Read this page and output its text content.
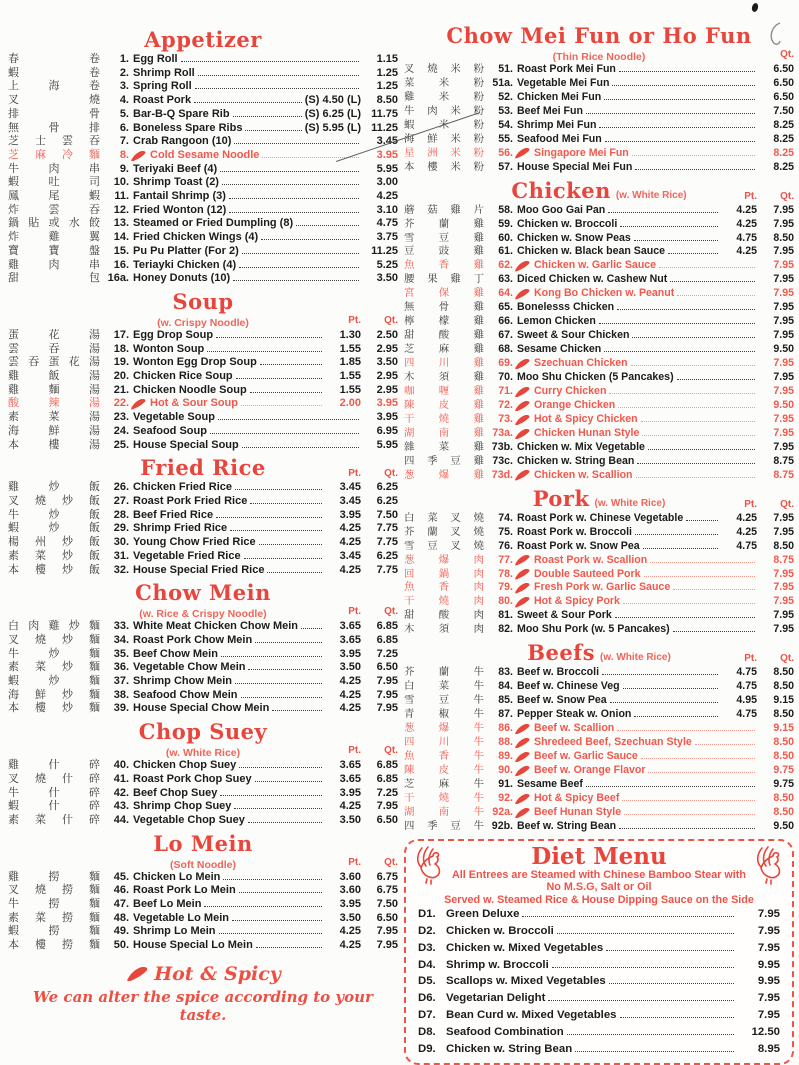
Appetizer
春	卷	1. Egg Roll	1.15
蝦	卷	2. Shrimp Roll	1.25
上	海	卷	3. Spring Roll	1.25
叉	燒	4. Roast Pork	(S) 4.50 (L)	8.50
排	骨	5. Bar-B-Q Spare Rib	(S) 6.25 (L) 11.75
無	骨	排	6. Boneless Spare Ribs	(S) 5.95 (L) 11.25
芝 士 雲 吞	7. Crab Rangoon (10)	3.45
芝 麻 冷 麵	8. Cold Sesame Noodle	3.95
牛	肉	串	9. Teriyaki Beef (4)	5.95
蝦	吐	司	10. Shrimp Toast (2)	3.00
鳳	尾	蝦	11. Fantail Shrimp (3)	4.25
炸	雲	吞	12. Fried Wonton (12)	3.10
鍋 貼 或 水 餃	13. Steamed or Fried Dumpling (8)	4.75
炸	雞	翼	14. Fried Chicken Wings (4)	3.75
寶	寶	盤	15. Pu Pu Platter (For 2)	11.25
雞	肉	串	16. Teriayki Chicken (4)	5.25
甜	包 16a. Honey Donuts (10)	3.50
Soup
(w. Crispy Noodle)	Pt.	Qt.
蛋	花	湯	17. Egg Drop Soup	1.30	2.50
雲	吞	湯	18. Wonton Soup	1.55	2.95
雲 吞 蛋 花 湯	19. Wonton Egg Drop Soup	1.85	3.50
雞	飯	湯	20. Chicken Rice Soup	1.55	2.95
雞	麵	湯	21. Chicken Noodle Soup	1.55	2.95
酸	辣	湯	22. Hot & Sour Soup	2.00	3.95
素	菜	湯	23. Vegetable Soup	3.95
海	鮮	湯	24. Seafood Soup	6.95
本	樓	湯	25. House Special Soup	5.95
Fried Rice	Pt.	Qt.
雞	炒	飯	26. Chicken Fried Rice	3.45	6.25
叉 燒 炒 飯	27. Roast Pork Fried Rice	3.45	6.25
牛	炒	飯	28. Beef Fried Rice	3.95	7.50
蝦	炒	飯	29. Shrimp Fried Rice	4.25	7.75
楊 州 炒 飯	30. Young Chow Fried Rice	4.25	7.75
素 菜 炒 飯	31. Vegetable Fried Rice	3.45	6.25
本 樓 炒 飯	32. House Special Fried Rice	4.25	7.75
Chow Mein
(w. Rice & Crispy Noodle)	Pt.	Qt.
白 肉 雞 炒 麵	33. White Meat Chicken Chow Mein	3.65	6.85
叉 燒 炒 麵	34. Roast Pork Chow Mein	3.65	6.85
牛	炒	麵	35. Beef Chow Mein	3.95	7.25
素 菜 炒 麵	36. Vegetable Chow Mein	3.50	6.50
蝦	炒	麵	37. Shrimp Chow Mein	4.25	7.95
海 鮮 炒 麵	38. Seafood Chow Mein	4.25	7.95
本 樓 炒 麵	39. House Special Chow Mein	4.25	7.95
Chop Suey
(w. White Rice)	Pt.	Qt.
雞	什	碎	40. Chicken Chop Suey	3.65	6.85
叉 燒 什 碎	41. Roast Pork Chop Suey	3.65	6.85
牛	什	碎	42. Beef Chop Suey	3.95	7.25
蝦	什	碎	43. Shrimp Chop Suey	4.25	7.95
素 菜 什 碎	44. Vegetable Chop Suey	3.50	6.50
Lo Mein
(Soft Noodle)	Pt.	Qt.
雞	撈	麵	45. Chicken Lo Mein	3.60	6.75
叉 燒 撈 麵	46. Roast Pork Lo Mein	3.60	6.75
牛	撈	麵	47. Beef Lo Mein	3.95	7.50
素 菜 撈 麵	48. Vegetable Lo Mein	3.50	6.50
蝦	撈	麵	49. Shrimp Lo Mein	4.25	7.95
本 樓 撈 麵	50. House Special Lo Mein	4.25	7.95
Hot & Spicy
We can alter the spice according to your taste.
Chow Mei Fun or Ho Fun
(Thin Rice Noodle)	Qt.
叉 燒 米 粉	51. Roast Pork Mei Fun	6.50
菜 米 粉 51a. Vegetable Mei Fun	6.50
雞 米 粉	52. Chicken Mei Fun	6.50
牛 肉 米 粉	53. Beef Mei Fun	7.50
蝦 米 粉	54. Shrimp Mei Fun	8.25
海 鮮 米 粉	55. Seafood Mei Fun	8.25
星 洲 米 粉	56. Singapore Mei Fun	8.25
本 樓 米 粉	57. House Special Mei Fun	8.25
Chicken (w. White Rice)	Pt.	Qt.
蘑 菇 雞 片	58. Moo Goo Gai Pan	4.25	7.95
芥 蘭 雞	59. Chicken w. Broccoli	4.25	7.95
雪 豆 雞	60. Chicken w. Snow Peas	4.75	8.50
豆 豉 雞	61. Chicken w. Black bean Sauce	4.25	7.95
魚 香 雞	62. Chicken w. Garlic Sauce	7.95
腰 果 雞 丁	63. Diced Chicken w. Cashew Nut	7.95
宮 保 雞	64. Kong Bo Chicken w. Peanut	7.95
無 骨 雞	65. Bonelesss Chicken	7.95
檸 檬 雞	66. Lemon Chicken	7.95
甜 酸 雞	67. Sweet & Sour Chicken	7.95
芝 麻 雞	68. Sesame Chicken	9.50
四 川 雞	69. Szechuan Chicken	7.95
木 須 雞	70. Moo Shu Chicken (5 Pancakes)	7.95
咖 喱 雞	71. Curry Chicken	7.95
陳 皮 雞	72. Orange Chicken	9.50
干 燒 雞	73. Hot & Spicy Chicken	7.95
湖 南 雞 73a. Chicken Hunan Style	7.95
雜 菜 雞 73b. Chicken w. Mix Vegetable	7.95
四 季 豆 雞 73c. Chicken w. String Bean	8.75
葱 爆 雞 73d. Chicken w. Scallion	8.75
Pork (w. White Rice)	Pt.	Qt.
白 菜 叉 燒	74. Roast Pork w. Chinese Vegetable	4.25	7.95
芥 蘭 叉 燒	75. Roast Pork w. Broccoli	4.25	7.95
雪 豆 叉 燒	76. Roast Pork w. Snow Pea	4.75	8.50
葱 爆 肉	77. Roast Pork w. Scallion	8.75
回 鍋 肉	78. Double Sauteed Pork	7.95
魚 香 肉	79. Fresh Pork w. Garlic Sauce	7.95
干 燒 肉	80. Hot & Spicy Pork	7.95
甜 酸 肉	81. Sweet & Sour Pork	7.95
木 須 肉	82. Moo Shu Pork (w. 5 Pancakes)	7.95
Beefs (w. White Rice)	Pt.	Qt.
芥 蘭 牛	83. Beef w. Broccoli	4.75	8.50
白 菜 牛	84. Beef w. Chinese Veg	4.75	8.50
雪 豆 牛	85. Beef w. Snow Pea	4.95	9.15
青 椒 牛	87. Pepper Steak w. Onion	4.75	8.50
葱 爆 牛	86. Beef w. Scallion	9.15
四 川 牛	88. Shredeed Beef, Szechuan Style	8.50
魚 香 牛	89. Beef w. Garlic Sauce	8.50
陳 皮 牛	90. Beef w. Orange Flavor	9.75
芝 麻 牛	91. Sesame Beef	9.75
干 燒 牛	92. Hot & Spicy Beef	8.50
湖 南 牛 92a. Beef Hunan Style	8.50
四 季 豆 牛 92b. Beef w. String Bean	9.50
Diet Menu
All Entrees are Steamed with Chinese Bamboo Stear with
No M.S.G, Salt or Oil
Served w. Steamed Rice & House Dipping Sauce on the Side
D1. Green Deluxe	7.95
D2. Chicken w. Broccoli	7.95
D3. Chicken w. Mixed Vegetables	7.95
D4. Shrimp w. Broccoli	9.95
D5. Scallops w. Mixed Vegetables	9.95
D6. Vegetarian Delight	7.95
D7. Bean Curd w. Mixed Vegetables	7.95
D8. Seafood Combination	12.50
D9. Chicken w. String Bean	8.95
